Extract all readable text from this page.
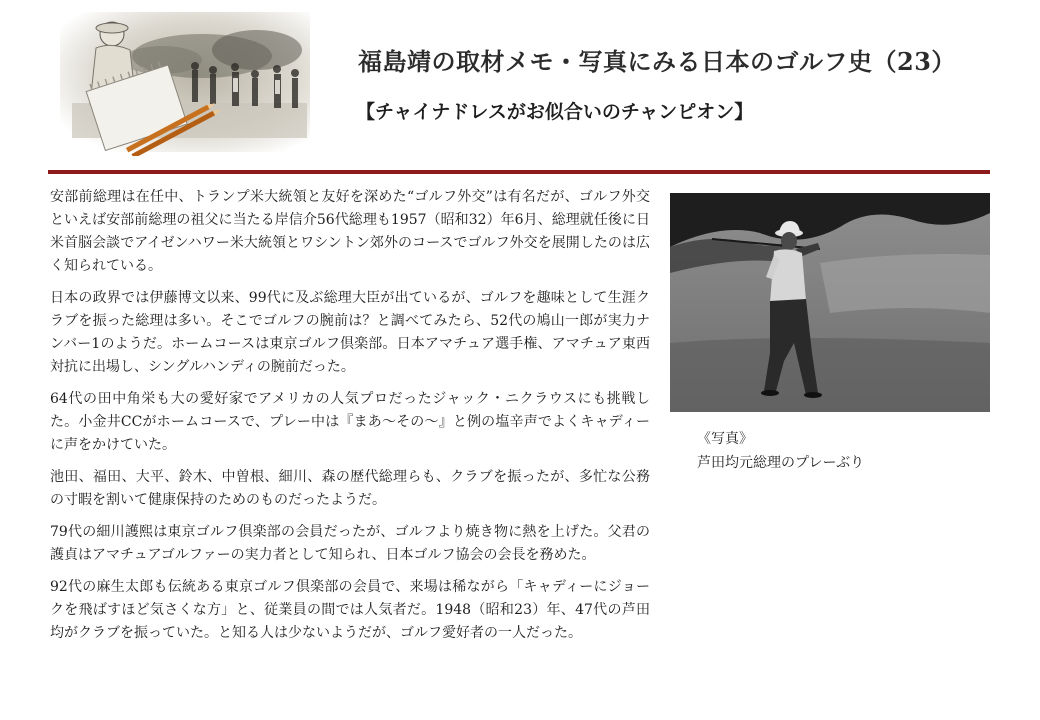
福島靖の取材メモ・写真にみる日本のゴルフ史（23）
【チャイナドレスがお似合いのチャンピオン】

安部前総理は在任中、トランプ米大統領と友好を深めた“ゴルフ外交”は有名だが、ゴルフ外交といえば安部前総理の祖父に当たる岸信介56代総理も1957（昭和32）年6月、総理就任後に日米首脳会談でアイゼンハワー米大統領とワシントン郊外のコースでゴルフ外交を展開したのは広く知られている。

日本の政界では伊藤博文以来、99代に及ぶ総理大臣が出ているが、ゴルフを趣味として生涯クラブを振った総理は多い。そこでゴルフの腕前は？と調べてみたら、52代の鳩山一郎が実力ナンバー1のようだ。ホームコースは東京ゴルフ倶楽部。日本アマチュア選手権、アマチュア東西対抗に出場し、シングルハンディの腕前だった。

64代の田中角栄も大の愛好家でアメリカの人気プロだったジャック・ニクラウスにも挑戦した。小金井CCがホームコースで、プレー中は『まあ～その～』と例の塩辛声でよくキャディーに声をかけていた。

池田、福田、大平、鈴木、中曽根、細川、森の歴代総理らも、クラブを振ったが、多忙な公務の寸暇を割いて健康保持のためのものだったようだ。

79代の細川護熙は東京ゴルフ倶楽部の会員だったが、ゴルフより焼き物に熱を上げた。父君の護貞はアマチュアゴルファーの実力者として知られ、日本ゴルフ協会の会長を務めた。

92代の麻生太郎も伝統ある東京ゴルフ倶楽部の会員で、来場は稀ながら「キャディーにジョークを飛ばすほど気さくな方」と、従業員の間では人気者だ。1948（昭和23）年、47代の芦田均がクラブを振っていた。と知る人は少ないようだが、ゴルフ愛好者の一人だった。

《写真》
芦田均元総理のプレーぶり
